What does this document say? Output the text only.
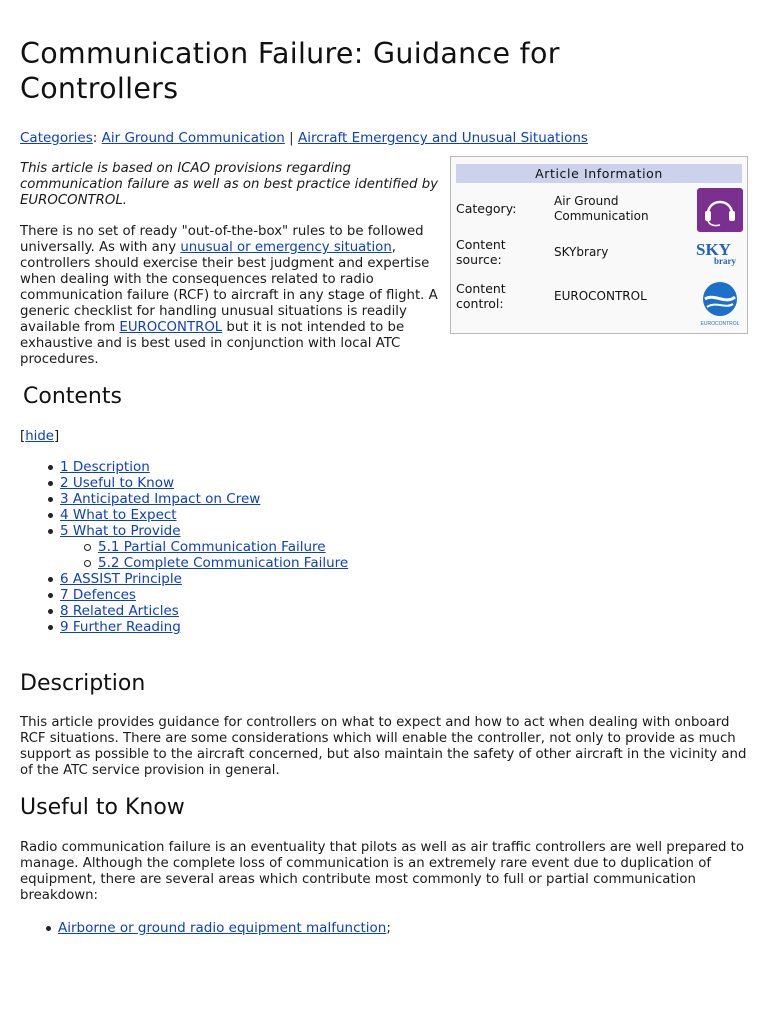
Communication Failure: Guidance for Controllers
Categories: Air Ground Communication | Aircraft Emergency and Unusual Situations

This article is based on ICAO provisions regarding communication failure as well as on best practice identified by EUROCONTROL.

There is no set of ready "out-of-the-box" rules to be followed universally. As with any unusual or emergency situation, controllers should exercise their best judgment and expertise when dealing with the consequences related to radio communication failure (RCF) to aircraft in any stage of flight. A generic checklist for handling unusual situations is readily available from EUROCONTROL but it is not intended to be exhaustive and is best used in conjunction with local ATC procedures.

Article Information
Category:	Air Ground Communication
Content source:	SKYbrary	SKY
brary
Content control:	EUROCONTROL
EUROCONTROL
Contents
[hide]
1 Description
2 Useful to Know
3 Anticipated Impact on Crew
4 What to Expect
5 What to Provide
5.1 Partial Communication Failure
5.2 Complete Communication Failure
6 ASSIST Principle
7 Defences
8 Related Articles
9 Further Reading
Description

This article provides guidance for controllers on what to expect and how to act when dealing with onboard RCF situations. There are some considerations which will enable the controller, not only to provide as much support as possible to the aircraft concerned, but also maintain the safety of other aircraft in the vicinity and of the ATC service provision in general.

Useful to Know

Radio communication failure is an eventuality that pilots as well as air traffic controllers are well prepared to manage. Although the complete loss of communication is an extremely rare event due to duplication of equipment, there are several areas which contribute most commonly to full or partial communication breakdown:

Airborne or ground radio equipment malfunction;
